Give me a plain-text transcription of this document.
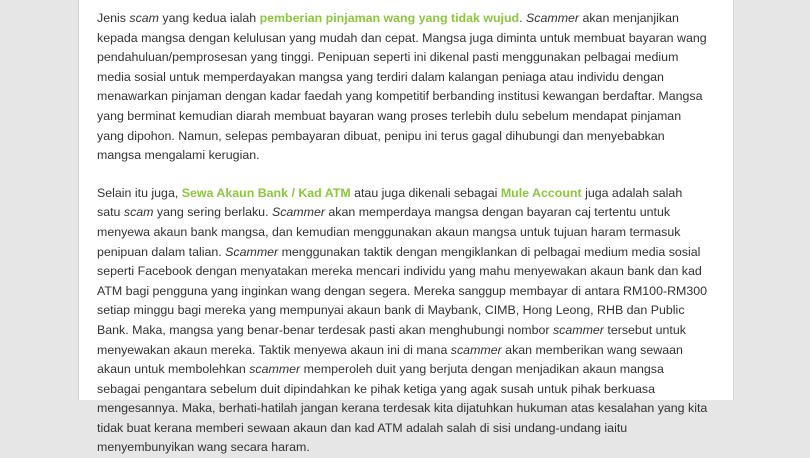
Jenis scam yang kedua ialah pemberian pinjaman wang yang tidak wujud. Scammer akan menjanjikan kepada mangsa dengan kelulusan yang mudah dan cepat. Mangsa juga diminta untuk membuat bayaran wang pendahuluan/pemprosesan yang tinggi. Penipuan seperti ini dikenal pasti menggunakan pelbagai medium media sosial untuk memperdayakan mangsa yang terdiri dalam kalangan peniaga atau individu dengan menawarkan pinjaman dengan kadar faedah yang kompetitif berbanding institusi kewangan berdaftar. Mangsa yang berminat kemudian diarah membuat bayaran wang proses terlebih dulu sebelum mendapat pinjaman yang dipohon. Namun, selepas pembayaran dibuat, penipu ini terus gagal dihubungi dan menyebabkan mangsa mengalami kerugian.

Selain itu juga, Sewa Akaun Bank / Kad ATM atau juga dikenali sebagai Mule Account juga adalah salah satu scam yang sering berlaku. Scammer akan memperdaya mangsa dengan bayaran caj tertentu untuk menyewa akaun bank mangsa, dan kemudian menggunakan akaun mangsa untuk tujuan haram termasuk penipuan dalam talian. Scammer menggunakan taktik dengan mengiklankan di pelbagai medium media sosial seperti Facebook dengan menyatakan mereka mencari individu yang mahu menyewakan akaun bank dan kad ATM bagi pengguna yang inginkan wang dengan segera. Mereka sanggup membayar di antara RM100-RM300 setiap minggu bagi mereka yang mempunyai akaun bank di Maybank, CIMB, Hong Leong, RHB dan Public Bank. Maka, mangsa yang benar-benar terdesak pasti akan menghubungi nombor scammer tersebut untuk menyewakan akaun mereka. Taktik menyewa akaun ini di mana scammer akan memberikan wang sewaan akaun untuk membolehkan scammer memperoleh duit yang berjuta dengan menjadikan akaun mangsa sebagai pengantara sebelum duit dipindahkan ke pihak ketiga yang agak susah untuk pihak berkuasa mengesannya. Maka, berhati-hatilah jangan kerana terdesak kita dijatuhkan hukuman atas kesalahan yang kita tidak buat kerana memberi sewaan akaun dan kad ATM adalah salah di sisi undang-undang iaitu menyembunyikan wang secara haram.
